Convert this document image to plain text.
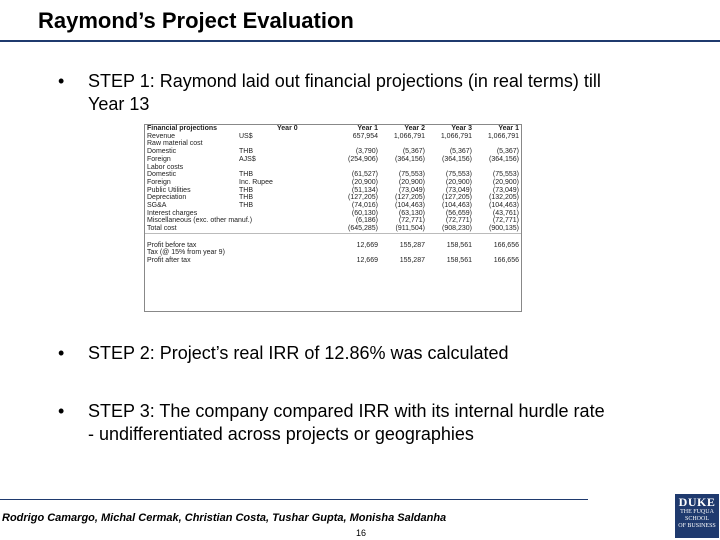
Raymond’s Project Evaluation
• STEP 1: Raymond laid out financial projections (in real terms) till
Year 13
Financial projections		Year 0	Year 1	Year 2	Year 3	Year 1
Revenue	US$		657,954	1,066,791	1,066,791	1,066,791
Raw material cost						
Domestic	THB		(3,790)	(5,367)	(5,367)	(5,367)
Foreign	AJS$		(254,906)	(364,156)	(364,156)	(364,156)
Labor costs						
Domestic	THB		(61,527)	(75,553)	(75,553)	(75,553)
Foreign	Inc. Rupee		(20,900)	(20,900)	(20,900)	(20,900)
Public Utilities	THB		(51,134)	(73,049)	(73,049)	(73,049)
Depreciation	THB		(127,205)	(127,205)	(127,205)	(132,205)
SG&A	THB		(74,016)	(104,463)	(104,463)	(104,463)
Interest charges			(60,130)	(63,130)	(56,659)	(43,761)
Miscellaneous (exc. other manuf.)			(6,186)	(72,771)	(72,771)	(72,771)
Total cost			(645,285)	(911,504)	(908,230)	(900,135)

Profit before tax			12,669	155,287	158,561	166,656
Tax (@ 15% from year 9)						
Profit after tax			12,669	155,287	158,561	166,656
• STEP 2: Project’s real IRR of 12.86% was calculated
• STEP 3: The company compared IRR with its internal hurdle rate
- undifferentiated across projects or geographies
Rodrigo Camargo, Michal Cermak, Christian Costa, Tushar Gupta, Monisha Saldanha
16
DUKE
THE FUQUA
SCHOOL
OF BUSINESS
